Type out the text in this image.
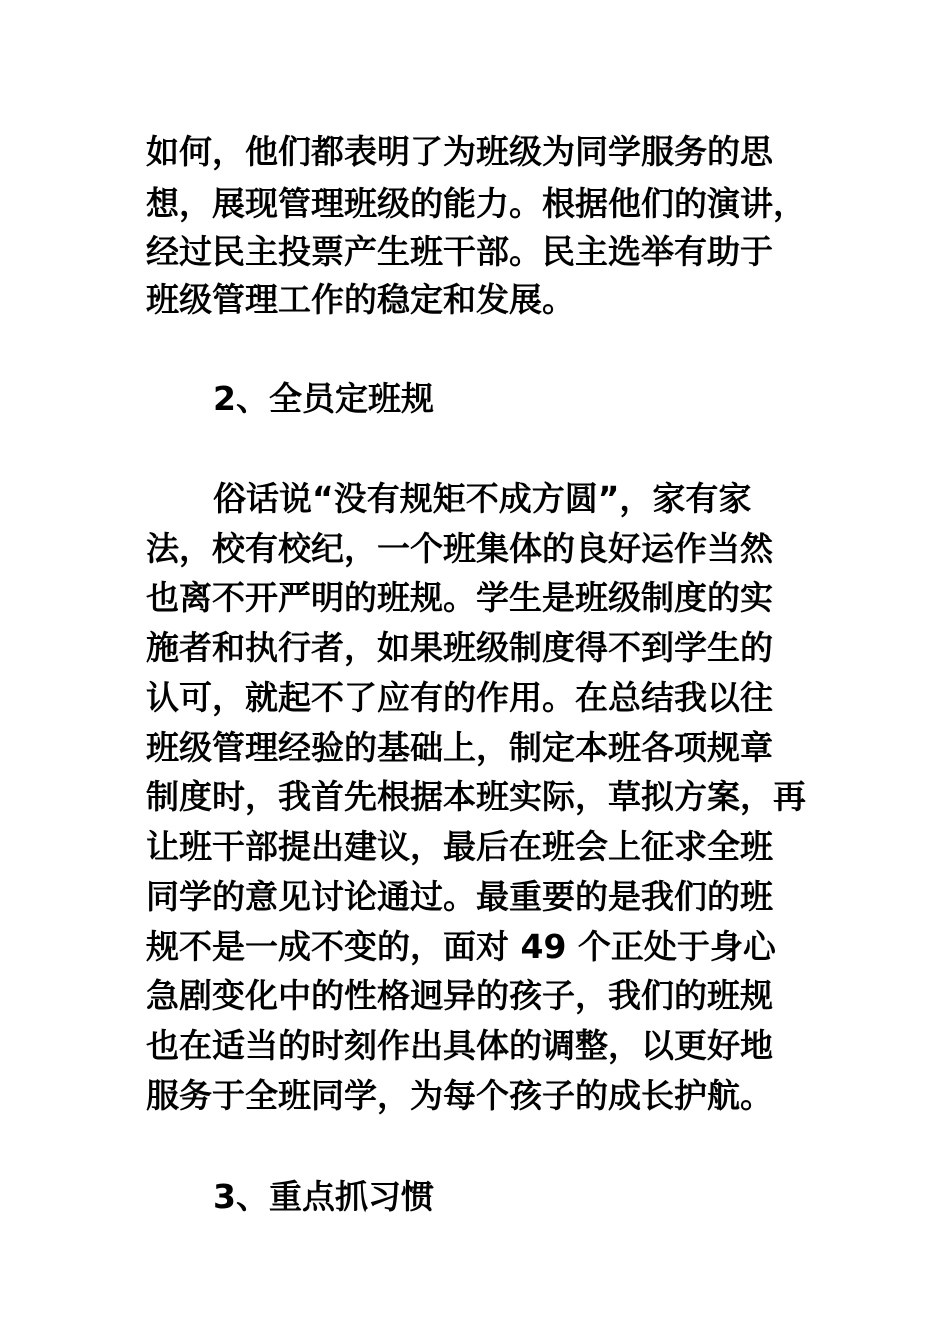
如何，他们都表明了为班级为同学服务的思
想，展现管理班级的能力。根据他们的演讲，
经过民主投票产生班干部。民主选举有助于
班级管理工作的稳定和发展。
2、全员定班规
俗话说“没有规矩不成方圆”，家有家
法，校有校纪，一个班集体的良好运作当然
也离不开严明的班规。学生是班级制度的实
施者和执行者，如果班级制度得不到学生的
认可，就起不了应有的作用。在总结我以往
班级管理经验的基础上，制定本班各项规章
制度时，我首先根据本班实际，草拟方案，再
让班干部提出建议，最后在班会上征求全班
同学的意见讨论通过。最重要的是我们的班
规不是一成不变的，面对 49 个正处于身心
急剧变化中的性格迥异的孩子，我们的班规
也在适当的时刻作出具体的调整，以更好地
服务于全班同学，为每个孩子的成长护航。
3、重点抓习惯
